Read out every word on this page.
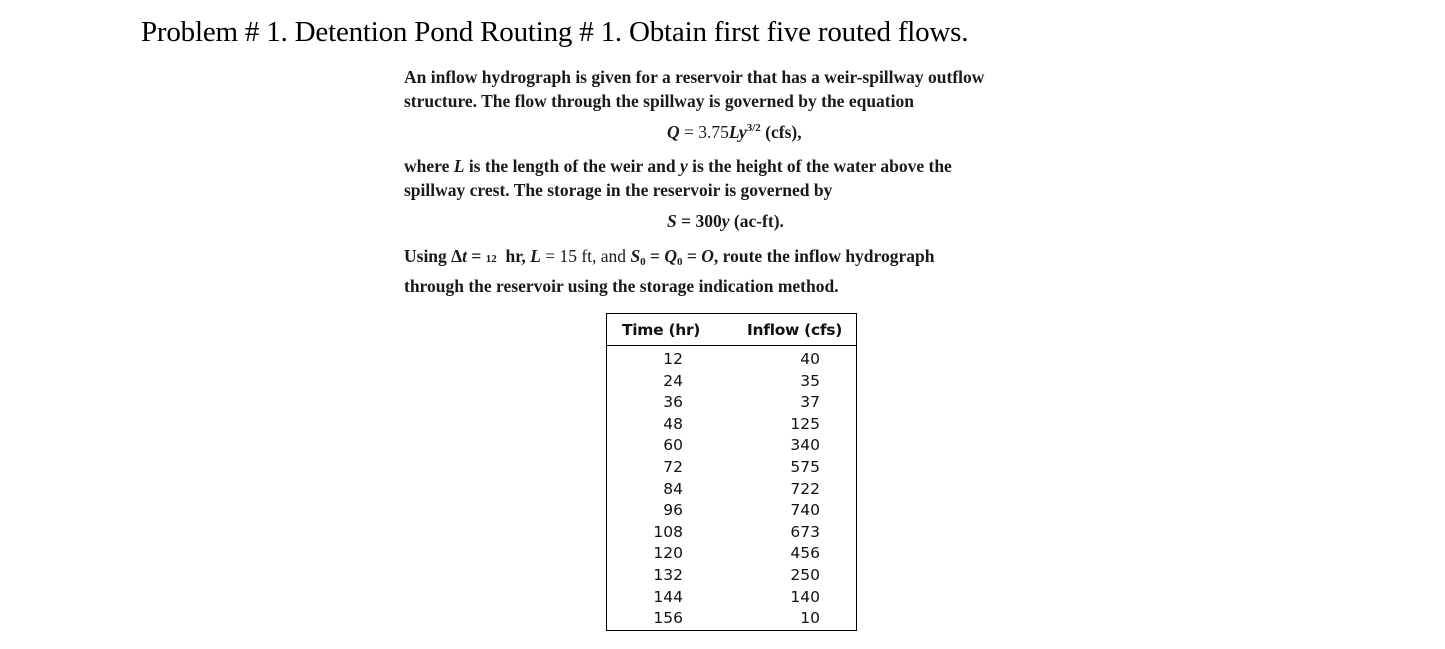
Problem # 1. Detention Pond Routing # 1. Obtain first five routed flows.
An inflow hydrograph is given for a reservoir that has a weir-spillway outflow
structure. The flow through the spillway is governed by the equation
$Q = 3.75Ly^{3/2}$ (cfs),
where L is the length of the weir and y is the height of the water above the
spillway crest. The storage in the reservoir is governed by
S = 300y (ac-ft).
Using Δt = 12  hr, L = 15 ft, and $S_0 = Q_0 = O$, route the inflow hydrograph
through the reservoir using the storage indication method.
Time (hr)	Inflow (cfs)
12	40
24	35
36	37
48	125
60	340
72	575
84	722
96	740
108	673
120	456
132	250
144	140
156	10
